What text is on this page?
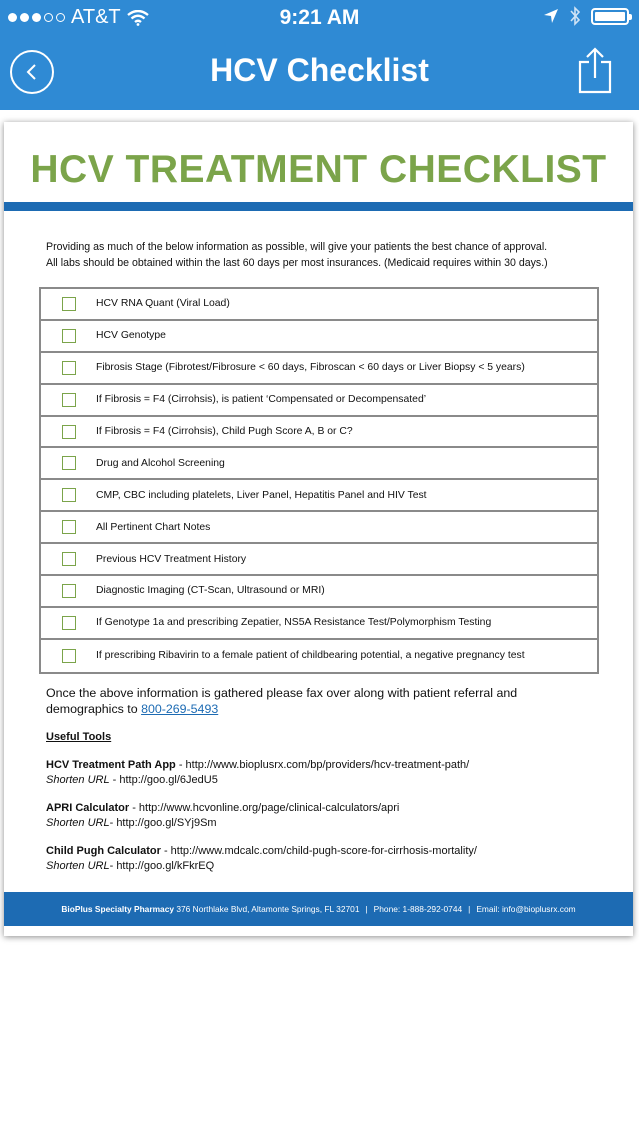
AT&T	9:21 AM
HCV Checklist
HCV TREATMENT CHECKLIST
Providing as much of the below information as possible, will give your patients the best chance of approval.
All labs should be obtained within the last 60 days per most insurances. (Medicaid requires within 30 days.)
HCV RNA Quant (Viral Load)
HCV Genotype
Fibrosis Stage (Fibrotest/Fibrosure < 60 days, Fibroscan < 60 days or Liver Biopsy < 5 years)
If Fibrosis = F4 (Cirrohsis), is patient ‘Compensated or Decompensated’
If Fibrosis = F4 (Cirrohsis), Child Pugh Score A, B or C?
Drug and Alcohol Screening
CMP, CBC including platelets, Liver Panel, Hepatitis Panel and HIV Test
All Pertinent Chart Notes
Previous HCV Treatment History
Diagnostic Imaging (CT-Scan, Ultrasound or MRI)
If Genotype 1a and prescribing Zepatier, NS5A Resistance Test/Polymorphism Testing
If prescribing Ribavirin to a female patient of childbearing potential, a negative pregnancy test
Once the above information is gathered please fax over along with patient referral and
demographics to 800-269-5493
Useful Tools
HCV Treatment Path App - http://www.bioplusrx.com/bp/providers/hcv-treatment-path/
Shorten URL - http://goo.gl/6JedU5
APRI Calculator - http://www.hcvonline.org/page/clinical-calculators/apri
Shorten URL- http://goo.gl/SYj9Sm
Child Pugh Calculator - http://www.mdcalc.com/child-pugh-score-for-cirrhosis-mortality/
Shorten URL- http://goo.gl/kFkrEQ
BioPlus Specialty Pharmacy
376 Northlake Blvd, Altamonte Springs, FL 32701 | Phone: 1-888-292-0744 | Email: info@bioplusrx.com
